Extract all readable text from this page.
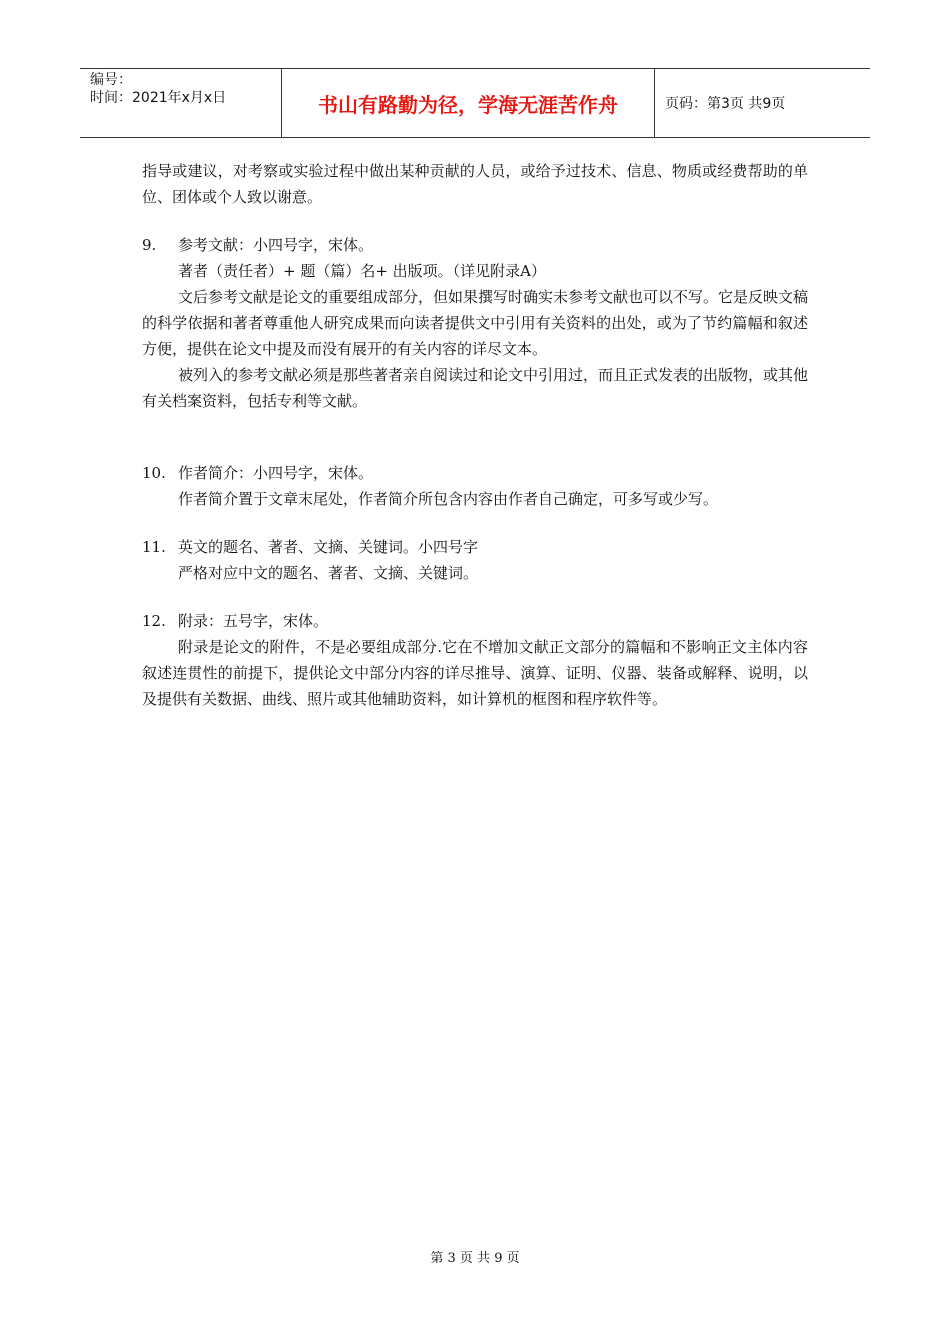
编号：
时间：2021年x月x日	书山有路勤为径，学海无涯苦作舟	页码：第3页 共9页

指导或建议，对考察或实验过程中做出某种贡献的人员，或给予过技术、信息、物质或经费帮助的单位、团体或个人致以谢意。

9.	参考文献：小四号字，宋体。

著者（责任者）+ 题（篇）名+ 出版项。（详见附录A）

文后参考文献是论文的重要组成部分，但如果撰写时确实未参考文献也可以不写。它是反映文稿的科学依据和著者尊重他人研究成果而向读者提供文中引用有关资料的出处，或为了节约篇幅和叙述方便，提供在论文中提及而没有展开的有关内容的详尽文本。

被列入的参考文献必须是那些著者亲自阅读过和论文中引用过，而且正式发表的出版物，或其他有关档案资料，包括专利等文献。

10. 作者简介：小四号字，宋体。

作者简介置于文章末尾处，作者简介所包含内容由作者自己确定，可多写或少写。

11. 英文的题名、著者、文摘、关键词。小四号字

严格对应中文的题名、著者、文摘、关键词。

12. 附录：五号字，宋体。

附录是论文的附件，不是必要组成部分.它在不增加文献正文部分的篇幅和不影响正文主体内容叙述连贯性的前提下，提供论文中部分内容的详尽推导、演算、证明、仪器、装备或解释、说明，以及提供有关数据、曲线、照片或其他辅助资料，如计算机的框图和程序软件等。

第 3 页 共 9 页
